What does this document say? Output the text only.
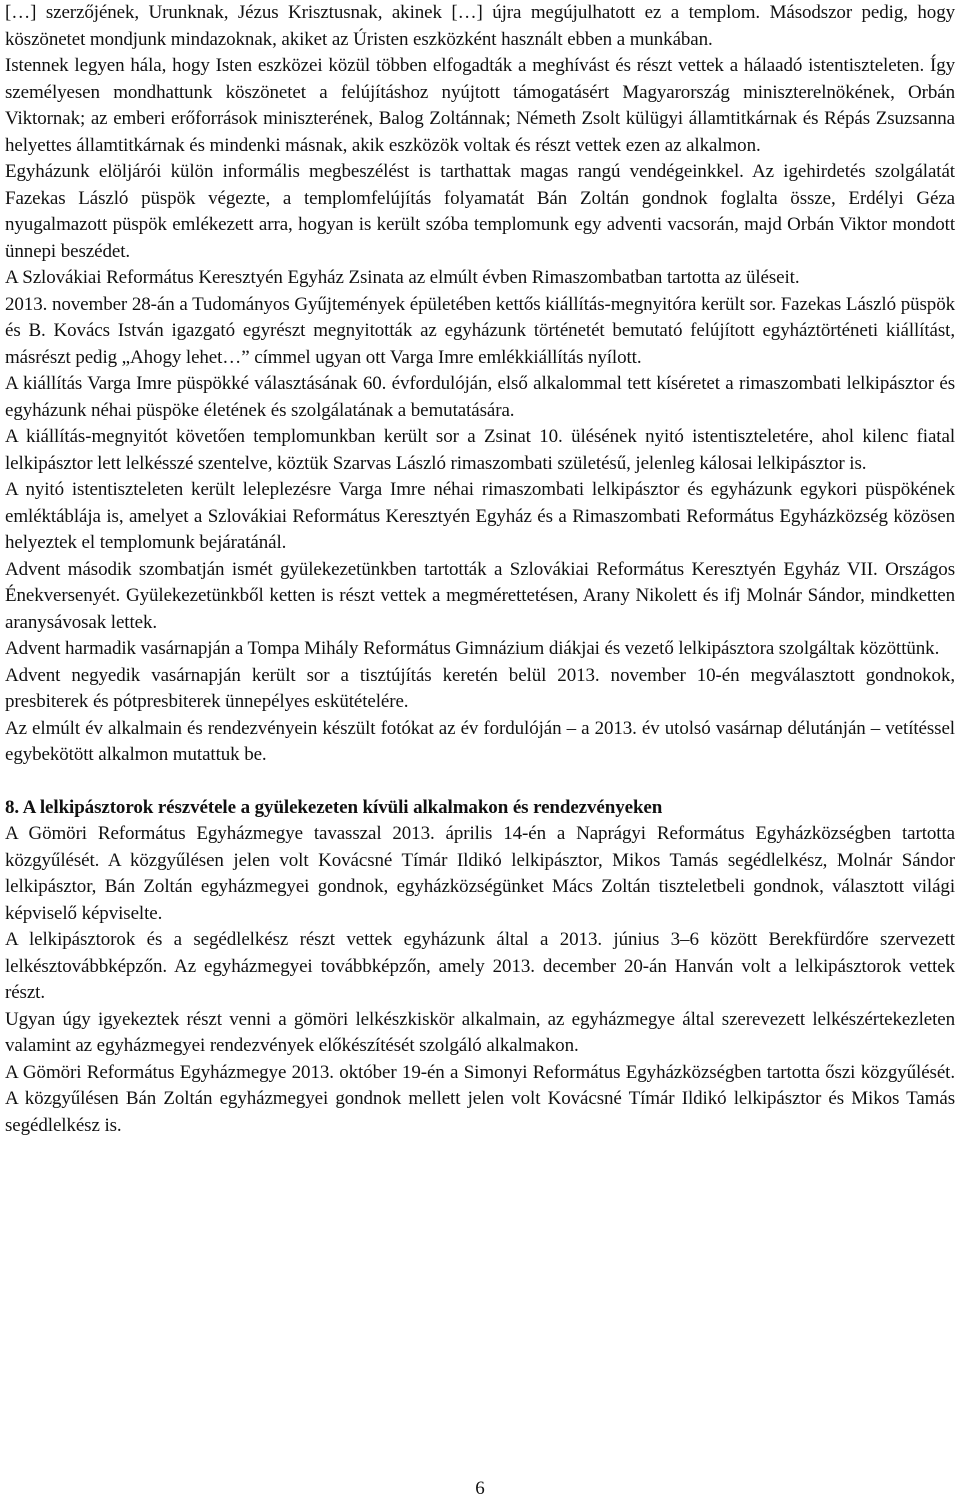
[…] szerzőjének, Urunknak, Jézus Krisztusnak, akinek […] újra megújulhatott ez a templom. Másodszor pedig, hogy köszönetet mondjunk mindazoknak, akiket az Úristen eszközként használt ebben a munkában.

Istennek legyen hála, hogy Isten eszközei közül többen elfogadták a meghívást és részt vettek a hálaadó istentiszteleten. Így személyesen mondhattunk köszönetet a felújításhoz nyújtott támogatásért Magyarország miniszterelnökének, Orbán Viktornak; az emberi erőforrások miniszterének, Balog Zoltánnak; Németh Zsolt külügyi államtitkárnak és Répás Zsuzsanna helyettes államtitkárnak és mindenki másnak, akik eszközök voltak és részt vettek ezen az alkalmon.

Egyházunk elöljárói külön informális megbeszélést is tarthattak magas rangú vendégeinkkel. Az igehirdetés szolgálatát Fazekas László püspök végezte, a templomfelújítás folyamatát Bán Zoltán gondnok foglalta össze, Erdélyi Géza nyugalmazott püspök emlékezett arra, hogyan is került szóba templomunk egy adventi vacsorán, majd Orbán Viktor mondott ünnepi beszédet.

A Szlovákiai Református Keresztyén Egyház Zsinata az elmúlt évben Rimaszombatban tartotta az üléseit.

2013. november 28-án a Tudományos Gyűjtemények épületében kettős kiállítás-megnyitóra került sor. Fazekas László püspök és B. Kovács István igazgató egyrészt megnyitották az egyházunk történetét bemutató felújított egyháztörténeti kiállítást, másrészt pedig „Ahogy lehet…” címmel ugyan ott Varga Imre emlékkiállítás nyílott.

A kiállítás Varga Imre püspökké választásának 60. évfordulóján, első alkalommal tett kíséretet a rimaszombati lelkipásztor és egyházunk néhai püspöke életének és szolgálatának a bemutatására.

A kiállítás-megnyitót követően templomunkban került sor a Zsinat 10. ülésének nyitó istentiszteletére, ahol kilenc fiatal lelkipásztor lett lelkésszé szentelve, köztük Szarvas László rimaszombati születésű, jelenleg kálosai lelkipásztor is.

A nyitó istentiszteleten került leleplezésre Varga Imre néhai rimaszombati lelkipásztor és egyházunk egykori püspökének emléktáblája is, amelyet a Szlovákiai Református Keresztyén Egyház és a Rimaszombati Református Egyházközség közösen helyeztek el templomunk bejáratánál.

Advent második szombatján ismét gyülekezetünkben tartották a Szlovákiai Református Keresztyén Egyház VII. Országos Énekversenyét. Gyülekezetünkből ketten is részt vettek a megmérettetésen, Arany Nikolett és ifj Molnár Sándor, mindketten aranysávosak lettek.

Advent harmadik vasárnapján a Tompa Mihály Református Gimnázium diákjai és vezető lelkipásztora szolgáltak közöttünk.

Advent negyedik vasárnapján került sor a tisztújítás keretén belül 2013. november 10-én megválasztott gondnokok, presbiterek és pótpresbiterek ünnepélyes eskütételére.

Az elmúlt év alkalmain és rendezvényein készült fotókat az év fordulóján – a 2013. év utolsó vasárnap délutánján – vetítéssel egybekötött alkalmon mutattuk be.

8. A lelkipásztorok részvétele a gyülekezeten kívüli alkalmakon és rendezvényeken

A Gömöri Református Egyházmegye tavasszal 2013. április 14-én a Naprágyi Református Egyházközségben tartotta közgyűlését. A közgyűlésen jelen volt Kovácsné Tímár Ildikó lelkipásztor, Mikos Tamás segédlelkész, Molnár Sándor lelkipásztor, Bán Zoltán egyházmegyei gondnok, egyházközségünket Mács Zoltán tiszteletbeli gondnok, választott világi képviselő képviselte.

A lelkipásztorok és a segédlelkész részt vettek egyházunk által a 2013. június 3–6 között Berekfürdőre szervezett lelkésztovábbképzőn. Az egyházmegyei továbbképzőn, amely 2013. december 20-án Hanván volt a lelkipásztorok vettek részt.

Ugyan úgy igyekeztek részt venni a gömöri lelkészkiskör alkalmain, az egyházmegye által szerevezett lelkészértekezleten valamint az egyházmegyei rendezvények előkészítését szolgáló alkalmakon.

A Gömöri Református Egyházmegye 2013. október 19-én a Simonyi Református Egyházközségben tartotta őszi közgyűlését. A közgyűlésen Bán Zoltán egyházmegyei gondnok mellett jelen volt Kovácsné Tímár Ildikó lelkipásztor és Mikos Tamás segédlelkész is.

6
